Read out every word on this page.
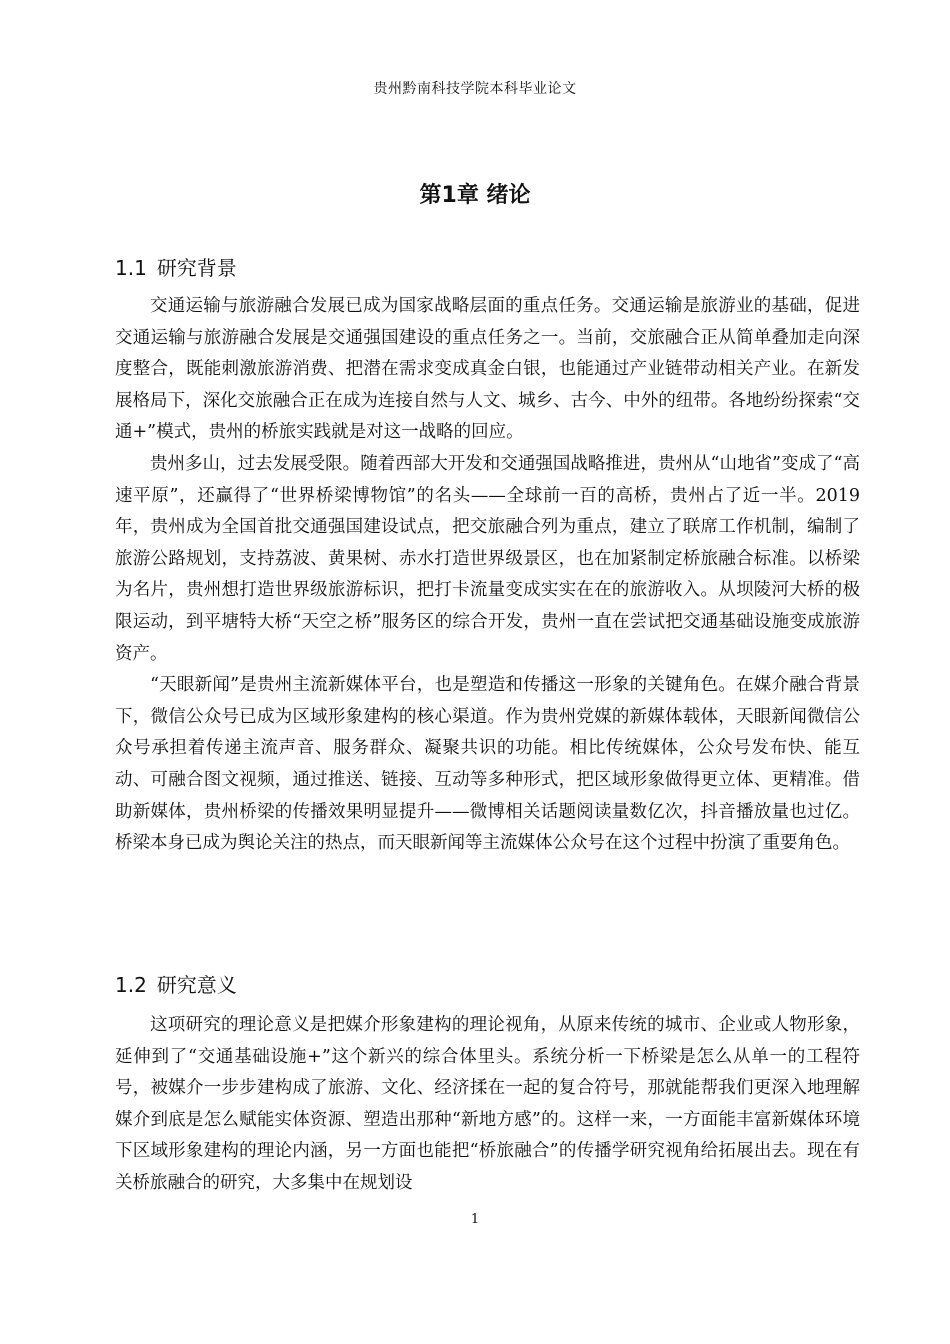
贵州黔南科技学院本科毕业论文
第1章 绪论
1.1 研究背景

交通运输与旅游融合发展已成为国家战略层面的重点任务。交通运输是旅游业的基础，促进交通运输与旅游融合发展是交通强国建设的重点任务之一。当前，交旅融合正从简单叠加走向深度整合，既能刺激旅游消费、把潜在需求变成真金白银，也能通过产业链带动相关产业。在新发展格局下，深化交旅融合正在成为连接自然与人文、城乡、古今、中外的纽带。各地纷纷探索“交通+”模式，贵州的桥旅实践就是对这一战略的回应。

贵州多山，过去发展受限。随着西部大开发和交通强国战略推进，贵州从“山地省”变成了“高速平原”，还赢得了“世界桥梁博物馆”的名头——全球前一百的高桥，贵州占了近一半。2019年，贵州成为全国首批交通强国建设试点，把交旅融合列为重点，建立了联席工作机制，编制了旅游公路规划，支持荔波、黄果树、赤水打造世界级景区，也在加紧制定桥旅融合标准。以桥梁为名片，贵州想打造世界级旅游标识，把打卡流量变成实实在在的旅游收入。从坝陵河大桥的极限运动，到平塘特大桥“天空之桥”服务区的综合开发，贵州一直在尝试把交通基础设施变成旅游资产。

“天眼新闻”是贵州主流新媒体平台，也是塑造和传播这一形象的关键角色。在媒介融合背景下，微信公众号已成为区域形象建构的核心渠道。作为贵州党媒的新媒体载体，天眼新闻微信公众号承担着传递主流声音、服务群众、凝聚共识的功能。相比传统媒体，公众号发布快、能互动、可融合图文视频，通过推送、链接、互动等多种形式，把区域形象做得更立体、更精准。借助新媒体，贵州桥梁的传播效果明显提升——微博相关话题阅读量数亿次，抖音播放量也过亿。桥梁本身已成为舆论关注的热点，而天眼新闻等主流媒体公众号在这个过程中扮演了重要角色。

1.2 研究意义

这项研究的理论意义是把媒介形象建构的理论视角，从原来传统的城市、企业或人物形象，延伸到了“交通基础设施+”这个新兴的综合体里头。系统分析一下桥梁是怎么从单一的工程符号，被媒介一步步建构成了旅游、文化、经济揉在一起的复合符号，那就能帮我们更深入地理解媒介到底是怎么赋能实体资源、塑造出那种“新地方感”的。这样一来，一方面能丰富新媒体环境下区域形象建构的理论内涵，另一方面也能把“桥旅融合”的传播学研究视角给拓展出去。现在有关桥旅融合的研究，大多集中在规划设

1
